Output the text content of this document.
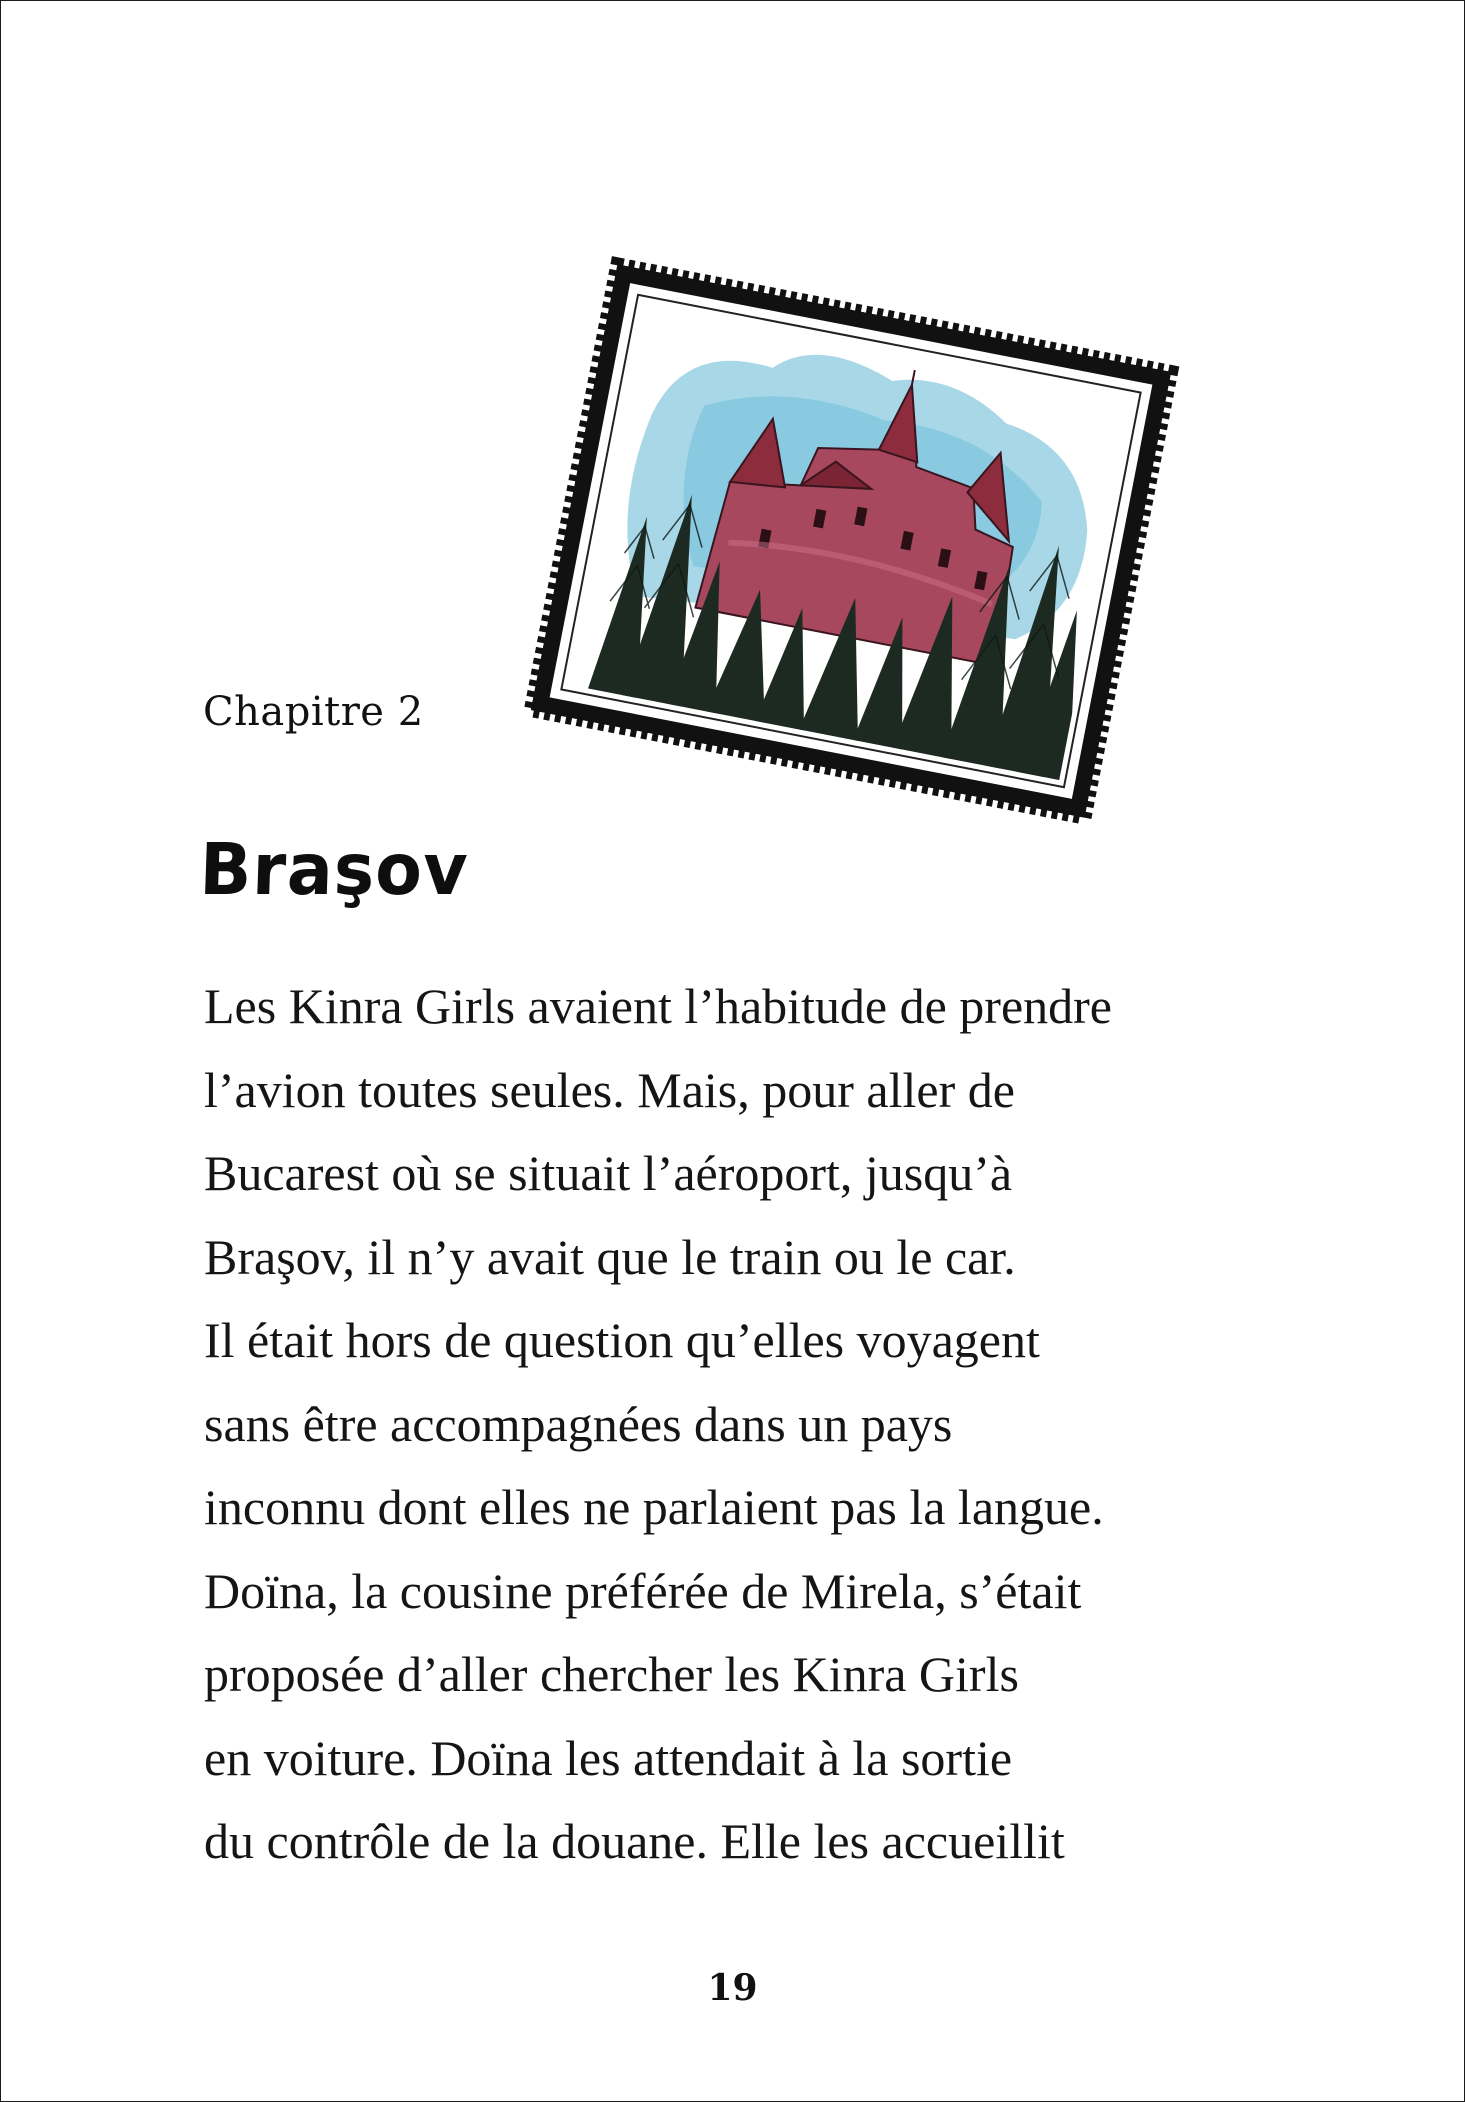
Chapitre 2
Braşov
Les Kinra Girls avaient l’habitude de prendre
l’avion toutes seules. Mais, pour aller de
Bucarest où se situait l’aéroport, jusqu’à
Braşov, il n’y avait que le train ou le car.
Il était hors de question qu’elles voyagent
sans être accompagnées dans un pays
inconnu dont elles ne parlaient pas la langue.
Doïna, la cousine préférée de Mirela, s’était
proposée d’aller chercher les Kinra Girls
en voiture. Doïna les attendait à la sortie
du contrôle de la douane. Elle les accueillit
19
